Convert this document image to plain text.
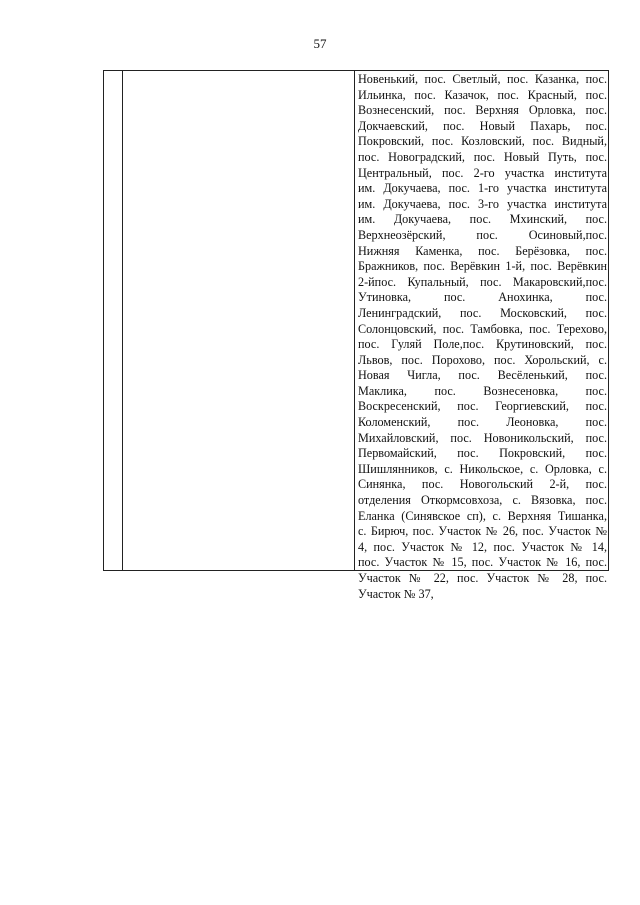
57
Новенький, пос. Светлый, пос. Казанка, пос.
Ильинка, пос. Казачок, пос. Красный, пос.
Вознесенский, пос. Верхняя Орловка, пос.
Докчаевский, пос. Новый Пахарь, пос.
Покровский, пос. Козловский, пос. Видный,
пос. Новоградский, пос. Новый Путь, пос.
Центральный, пос. 2-го участка института
им. Докучаева, пос. 1-го участка института
им. Докучаева, пос. 3-го участка института
им. Докучаева, пос. Мхинский, пос.
Верхнеозёрский, пос. Осиновый,пос.
Нижняя Каменка, пос. Берёзовка, пос.
Бражников, пос. Верёвкин 1-й, пос. Верёвкин
2-йпос. Купальный, пос. Макаровский,пос.
Утиновка, пос. Анохинка, пос.
Ленинградский, пос. Московский, пос.
Солонцовский, пос. Тамбовка, пос. Терехово,
пос. Гуляй Поле,пос. Крутиновский, пос.
Львов, пос. Порохово, пос. Хорольский, с.
Новая Чигла, пос. Весёленький, пос.
Маклика, пос. Вознесеновка, пос.
Воскресенский, пос. Георгиевский, пос.
Коломенский, пос. Леоновка, пос.
Михайловский, пос. Новоникольский, пос.
Первомайский, пос. Покровский, пос.
Шишлянников, с. Никольское, с. Орловка, с.
Синянка, пос. Новогольский 2-й, пос.
отделения Откормсовхоза, с. Вязовка, пос.
Еланка (Синявское сп), с. Верхняя Тишанка,
с. Бирюч, пос. Участок № 26, пос. Участок №
4, пос. Участок № 12, пос. Участок № 14,
пос. Участок № 15, пос. Участок № 16, пос.
Участок № 22, пос. Участок № 28, пос.
Участок № 37,
